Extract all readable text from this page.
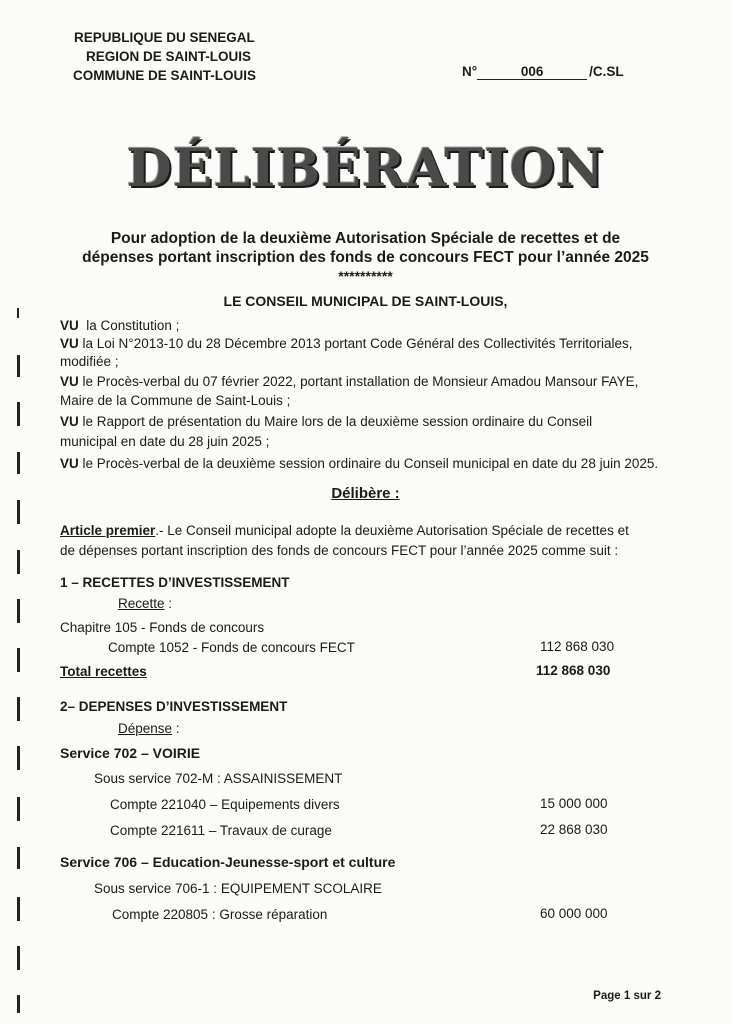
REPUBLIQUE DU SENEGAL
REGION DE SAINT-LOUIS
COMMUNE DE SAINT-LOUIS	N°	006	/C.SL
DÉLIBÉRATION
Pour adoption de la deuxième Autorisation Spéciale de recettes et de
dépenses portant inscription des fonds de concours FECT pour l’année 2025
**********
LE CONSEIL MUNICIPAL DE SAINT-LOUIS,
VU la Constitution ;
VU la Loi N°2013-10 du 28 Décembre 2013 portant Code Général des Collectivités Territoriales,
modifiée ;
VU le Procès-verbal du 07 février 2022, portant installation de Monsieur Amadou Mansour FAYE,
Maire de la Commune de Saint-Louis ;
VU le Rapport de présentation du Maire lors de la deuxième session ordinaire du Conseil
municipal en date du 28 juin 2025 ;
VU le Procès-verbal de la deuxième session ordinaire du Conseil municipal en date du 28 juin 2025.
Délibère :
Article premier.- Le Conseil municipal adopte la deuxième Autorisation Spéciale de recettes et
de dépenses portant inscription des fonds de concours FECT pour l’année 2025 comme suit :
1 – RECETTES D’INVESTISSEMENT
Recette :
Chapitre 105 - Fonds de concours
Compte 1052 - Fonds de concours FECT	112 868 030
Total recettes	112 868 030
2– DEPENSES D’INVESTISSEMENT
Dépense :
Service 702 – VOIRIE
Sous service 702-M : ASSAINISSEMENT
Compte 221040 – Equipements divers	15 000 000
Compte 221611 – Travaux de curage	22 868 030
Service 706 – Education-Jeunesse-sport et culture
Sous service 706-1 : EQUIPEMENT SCOLAIRE
Compte 220805 : Grosse réparation	60 000 000
Page 1 sur 2
